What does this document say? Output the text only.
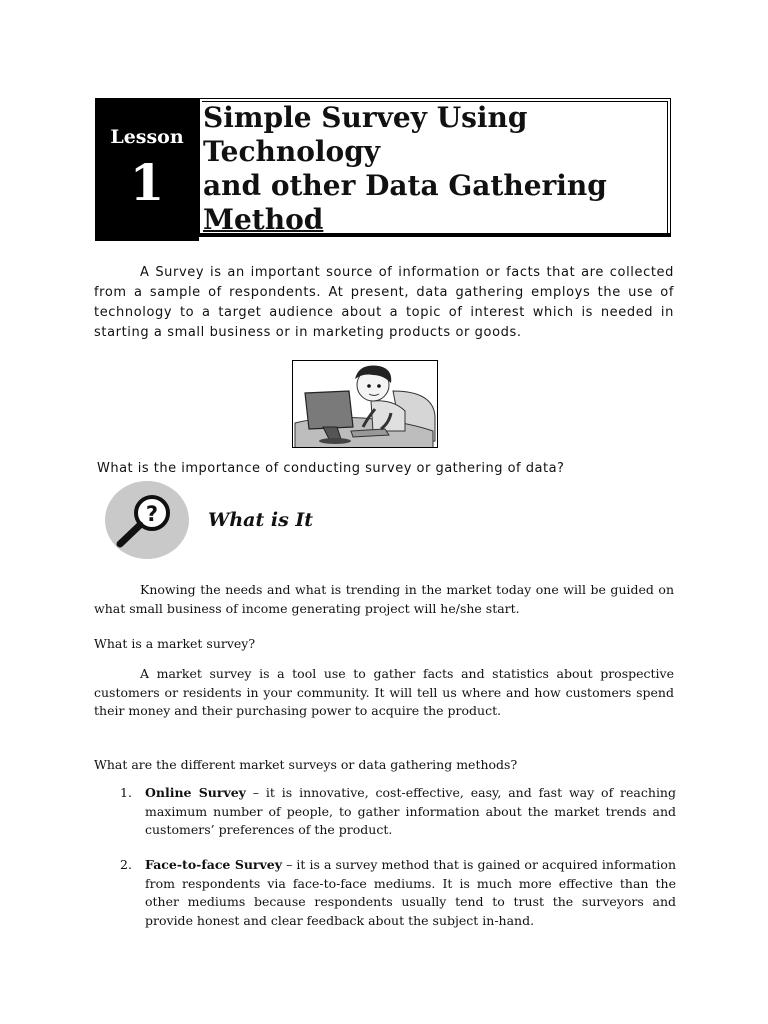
Lesson
1
Simple Survey Using
Technology
and other Data Gathering
Method

A Survey is an important source of information or facts that are collected from a sample of respondents. At present, data gathering employs the use of technology to a target audience about a topic of interest which is needed in starting a small business or in marketing products or goods.

What is the importance of conducting survey or gathering of data?

?	What is It

Knowing the needs and what is trending in the market today one will be guided on what small business of income generating project will he/she start.

What is a market survey?

A market survey is a tool use to gather facts and statistics about prospective customers or residents in your community. It will tell us where and how customers spend their money and their purchasing power to acquire the product.

What are the different market surveys or data gathering methods?

1.	Online Survey – it is innovative, cost-effective, easy, and fast way of reaching maximum number of people, to gather information about the market trends and customers’ preferences of the product.
2.	Face-to-face Survey – it is a survey method that is gained or acquired information from respondents via face-to-face mediums. It is much more effective than the other mediums because respondents usually tend to trust the surveyors and provide honest and clear feedback about the subject in-hand.
